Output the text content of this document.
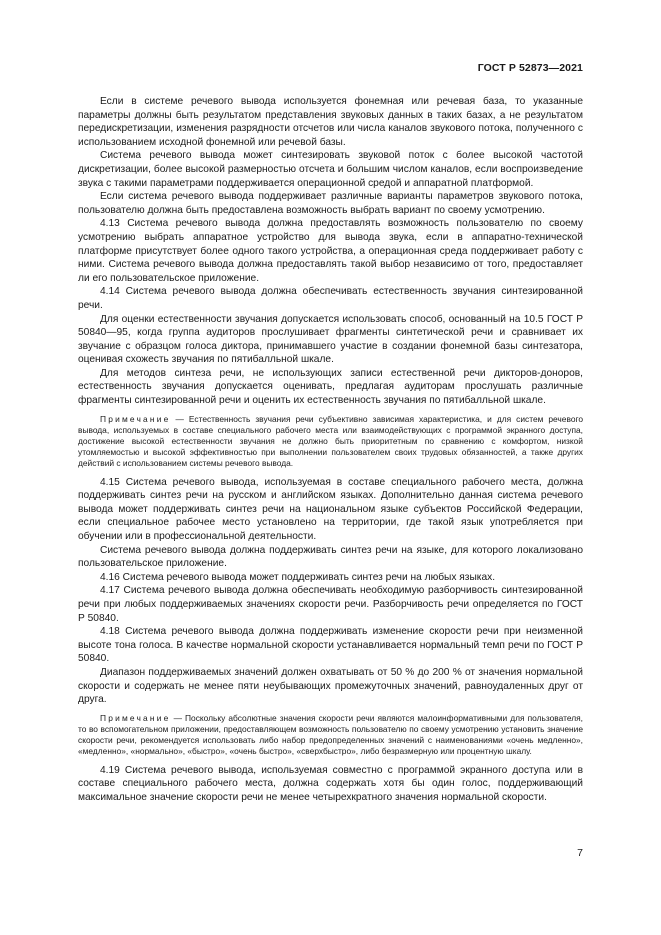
ГОСТ Р 52873—2021

Если в системе речевого вывода используется фонемная или речевая база, то указанные параметры должны быть результатом представления звуковых данных в таких базах, а не результатом передискретизации, изменения разрядности отсчетов или числа каналов звукового потока, полученного с использованием исходной фонемной или речевой базы.

Система речевого вывода может синтезировать звуковой поток с более высокой частотой дискретизации, более высокой размерностью отсчета и большим числом каналов, если воспроизведение звука с такими параметрами поддерживается операционной средой и аппаратной платформой.

Если система речевого вывода поддерживает различные варианты параметров звукового потока, пользователю должна быть предоставлена возможность выбрать вариант по своему усмотрению.

4.13 Система речевого вывода должна предоставлять возможность пользователю по своему усмотрению выбрать аппаратное устройство для вывода звука, если в аппаратно-технической платформе присутствует более одного такого устройства, а операционная среда поддерживает работу с ними. Система речевого вывода должна предоставлять такой выбор независимо от того, предоставляет ли его пользовательское приложение.

4.14 Система речевого вывода должна обеспечивать естественность звучания синтезированной речи.

Для оценки естественности звучания допускается использовать способ, основанный на 10.5 ГОСТ Р 50840—95, когда группа аудиторов прослушивает фрагменты синтетической речи и сравнивает их звучание с образцом голоса диктора, принимавшего участие в создании фонемной базы синтезатора, оценивая схожесть звучания по пятибалльной шкале.

Для методов синтеза речи, не использующих записи естественной речи дикторов-доноров, естественность звучания допускается оценивать, предлагая аудиторам прослушать различные фрагменты синтезированной речи и оценить их естественность звучания по пятибалльной шкале.

Примечание — Естественность звучания речи субъективно зависимая характеристика, и для систем речевого вывода, используемых в составе специального рабочего места или взаимодействующих с программой экранного доступа, достижение высокой естественности звучания не должно быть приоритетным по сравнению с комфортом, низкой утомляемостью и высокой эффективностью при выполнении пользователем своих трудовых обязанностей, а также других действий с использованием системы речевого вывода.

4.15 Система речевого вывода, используемая в составе специального рабочего места, должна поддерживать синтез речи на русском и английском языках. Дополнительно данная система речевого вывода может поддерживать синтез речи на национальном языке субъектов Российской Федерации, если специальное рабочее место установлено на территории, где такой язык употребляется при обучении или в профессиональной деятельности.

Система речевого вывода должна поддерживать синтез речи на языке, для которого локализовано пользовательское приложение.

4.16 Система речевого вывода может поддерживать синтез речи на любых языках.

4.17 Система речевого вывода должна обеспечивать необходимую разборчивость синтезированной речи при любых поддерживаемых значениях скорости речи. Разборчивость речи определяется по ГОСТ Р 50840.

4.18 Система речевого вывода должна поддерживать изменение скорости речи при неизменной высоте тона голоса. В качестве нормальной скорости устанавливается нормальный темп речи по ГОСТ Р 50840.

Диапазон поддерживаемых значений должен охватывать от 50 % до 200 % от значения нормальной скорости и содержать не менее пяти неубывающих промежуточных значений, равноудаленных друг от друга.

Примечание — Поскольку абсолютные значения скорости речи являются малоинформативными для пользователя, то во вспомогательном приложении, предоставляющем возможность пользователю по своему усмотрению установить значение скорости речи, рекомендуется использовать либо набор предопределенных значений с наименованиями «очень медленно», «медленно», «нормально», «быстро», «очень быстро», «сверхбыстро», либо безразмерную или процентную шкалу.

4.19 Система речевого вывода, используемая совместно с программой экранного доступа или в составе специального рабочего места, должна содержать хотя бы один голос, поддерживающий максимальное значение скорости речи не менее четырехкратного значения нормальной скорости.

7
